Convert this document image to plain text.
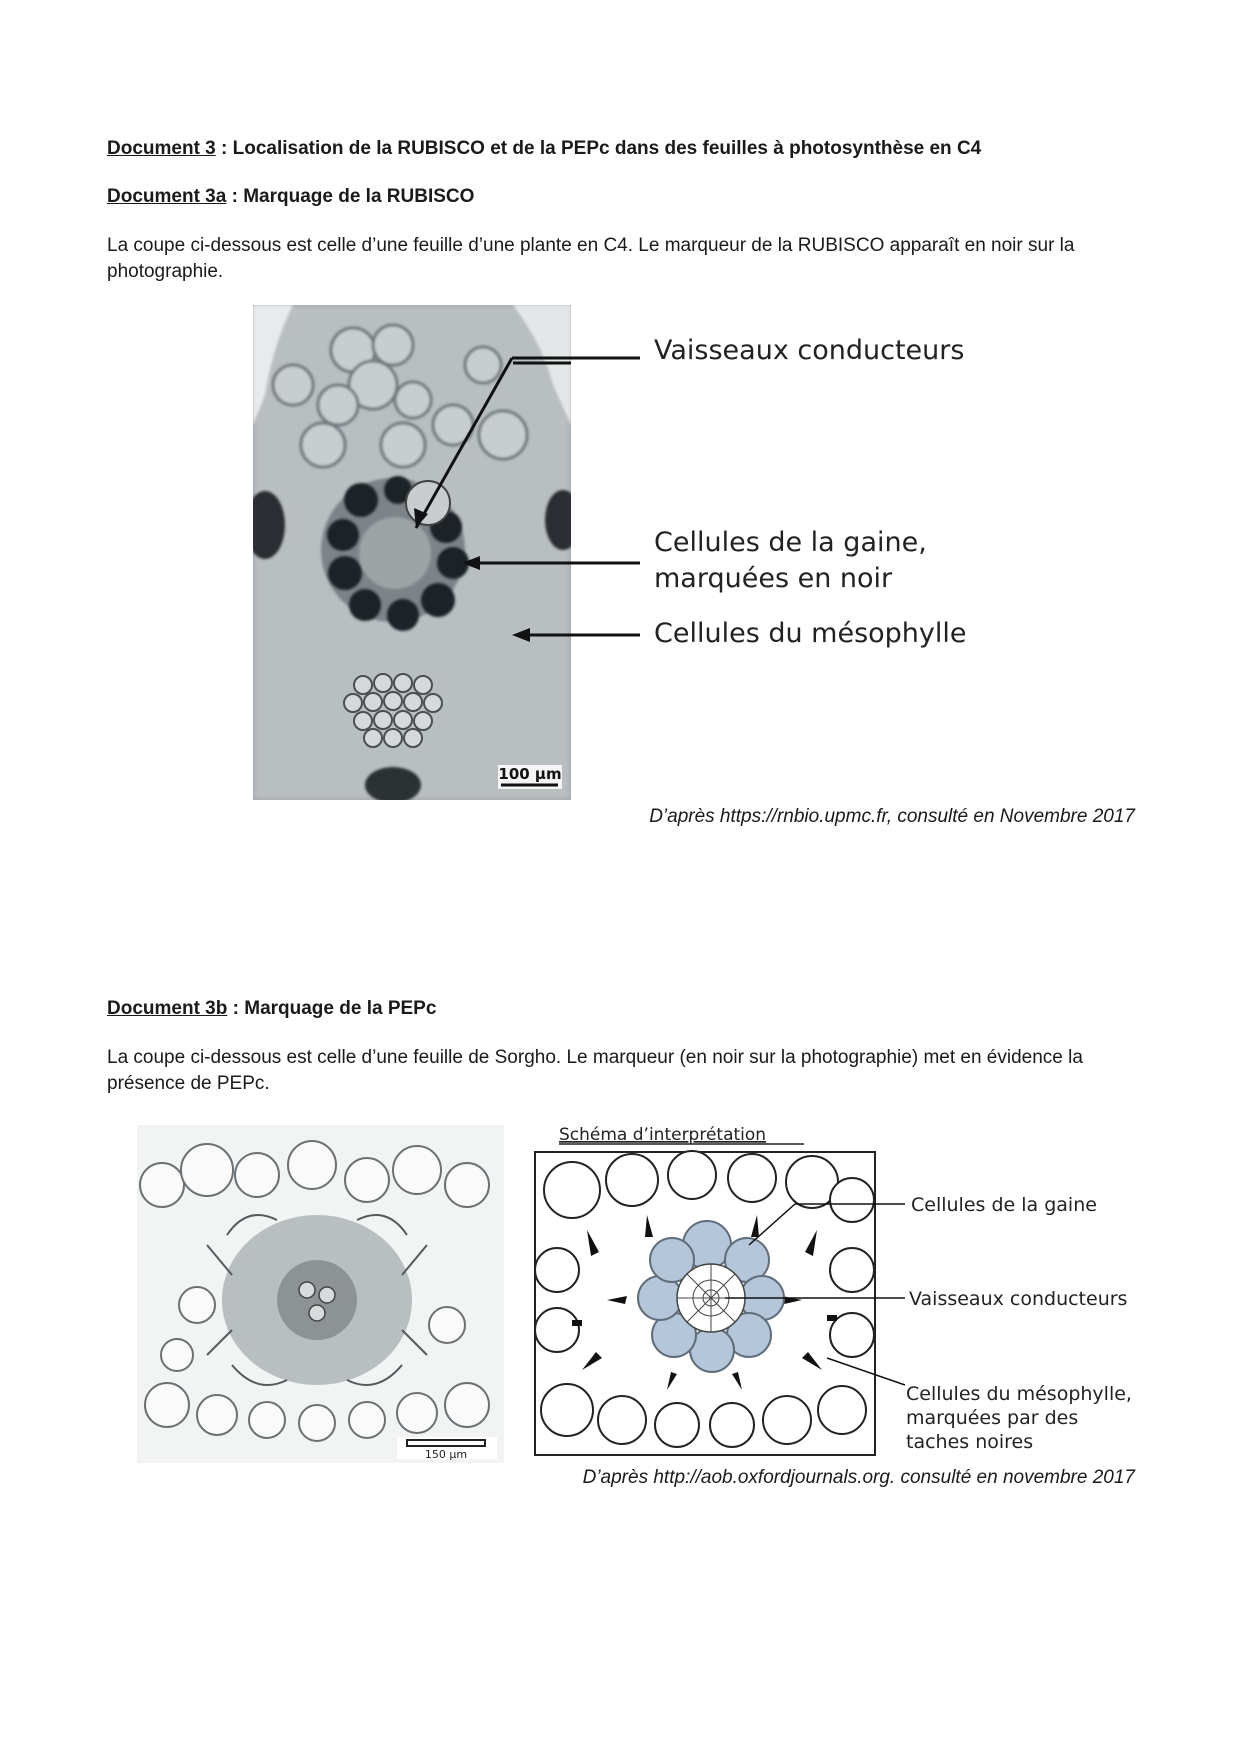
Document 3 : Localisation de la RUBISCO et de la PEPc dans des feuilles à photosynthèse en C4
Document 3a : Marquage de la RUBISCO
La coupe ci-dessous est celle d’une feuille d’une plante en C4. Le marqueur de la RUBISCO apparaît en noir sur la photographie.
100 µm
Vaisseaux conducteurs
Cellules de la gaine,
marquées en noir
Cellules du mésophylle
D’après https://rnbio.upmc.fr, consulté en Novembre 2017
Document 3b : Marquage de la PEPc
La coupe ci-dessous est celle d’une feuille de Sorgho. Le marqueur (en noir sur la photographie) met en évidence la présence de PEPc.
150 µm
Schéma d’interprétation
Cellules de la gaine
Vaisseaux conducteurs
Cellules du mésophylle,
marquées par des
taches noires
D’après http://aob.oxfordjournals.org. consulté en novembre 2017
